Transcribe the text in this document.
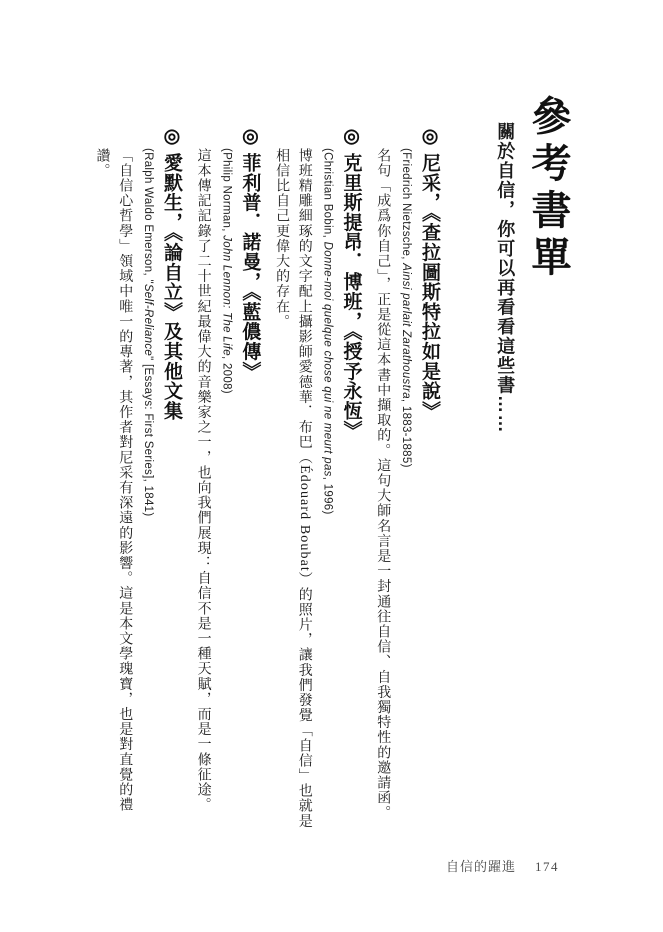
參考書單
關於自信，你可以再看看這些書……
◎尼采，《查拉圖斯特拉如是說》
(Friedrich Nietzsche, Ainsi parlait Zarathoustra, 1883-1885)
名句「成爲你自己」，正是從這本書中擷取的。這句大師名言是一封通往自信、自我獨特性的邀請函。
◎克里斯提昂．博班，《授予永恆》
(Christian Bobin, Donne-moi quelque chose qui ne meurt pas, 1996)
博班精雕細琢的文字配上攝影師愛德華．布巴（Édouard Boubat）的照片，讓我們發覺「自信」也就是相信比自己更偉大的存在。
◎菲利普．諾曼，《藍儂傳》
(Philip Norman, John Lennon: The Life, 2008)
這本傳記記錄了二十世紀最偉大的音樂家之一，也向我們展現：自信不是一種天賦，而是一條征途。
◎愛默生，《論自立》及其他文集
(Ralph Waldo Emerson, "Self-Reliance" [Essays: First Series], 1841)
「自信心哲學」領域中唯一的專著，其作者對尼采有深遠的影響。這是本文學瑰寶，也是對直覺的禮讚。
自信的躍進 174
